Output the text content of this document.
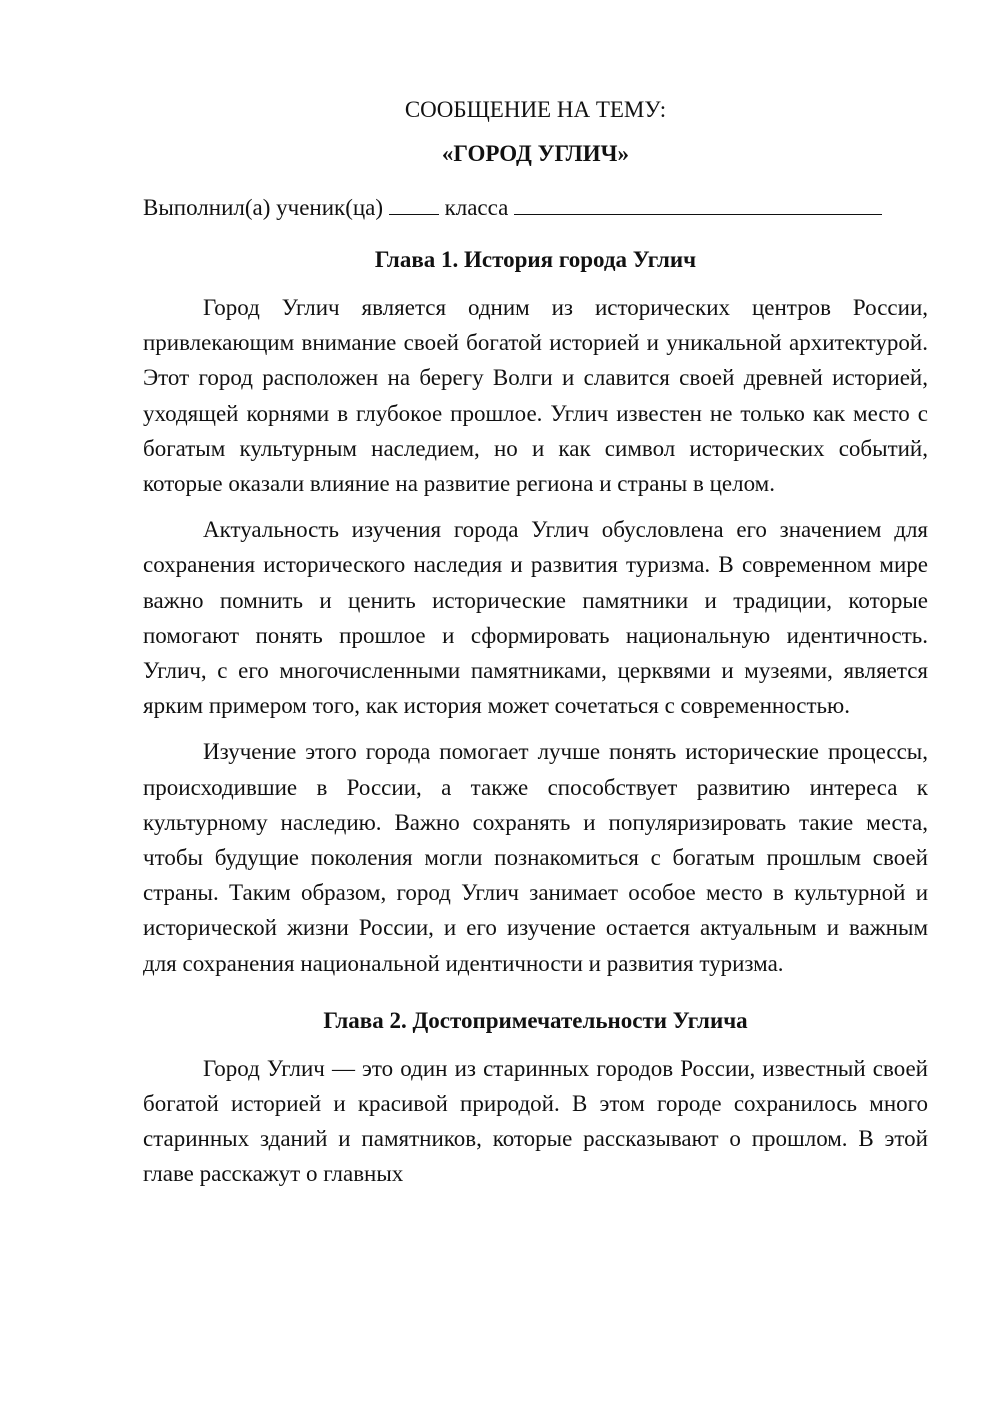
СООБЩЕНИЕ НА ТЕМУ:
«ГОРОД УГЛИЧ»
Выполнил(а) ученик(ца)	класса
Глава 1. История города Углич

Город Углич является одним из исторических центров России, привлекающим внимание своей богатой историей и уникальной архитектурой. Этот город расположен на берегу Волги и славится своей древней историей, уходящей корнями в глубокое прошлое. Углич известен не только как место с богатым культурным наследием, но и как символ исторических событий, которые оказали влияние на развитие региона и страны в целом.

Актуальность изучения города Углич обусловлена его значением для сохранения исторического наследия и развития туризма. В современном мире важно помнить и ценить исторические памятники и традиции, которые помогают понять прошлое и сформировать национальную идентичность. Углич, с его многочисленными памятниками, церквями и музеями, является ярким примером того, как история может сочетаться с современностью.

Изучение этого города помогает лучше понять исторические процессы, происходившие в России, а также способствует развитию интереса к культурному наследию. Важно сохранять и популяризировать такие места, чтобы будущие поколения могли познакомиться с богатым прошлым своей страны. Таким образом, город Углич занимает особое место в культурной и исторической жизни России, и его изучение остается актуальным и важным для сохранения национальной идентичности и развития туризма.

Глава 2. Достопримечательности Углича

Город Углич — это один из старинных городов России, известный своей богатой историей и красивой природой. В этом городе сохранилось много старинных зданий и памятников, которые рассказывают о прошлом. В этой главе расскажут о главных
